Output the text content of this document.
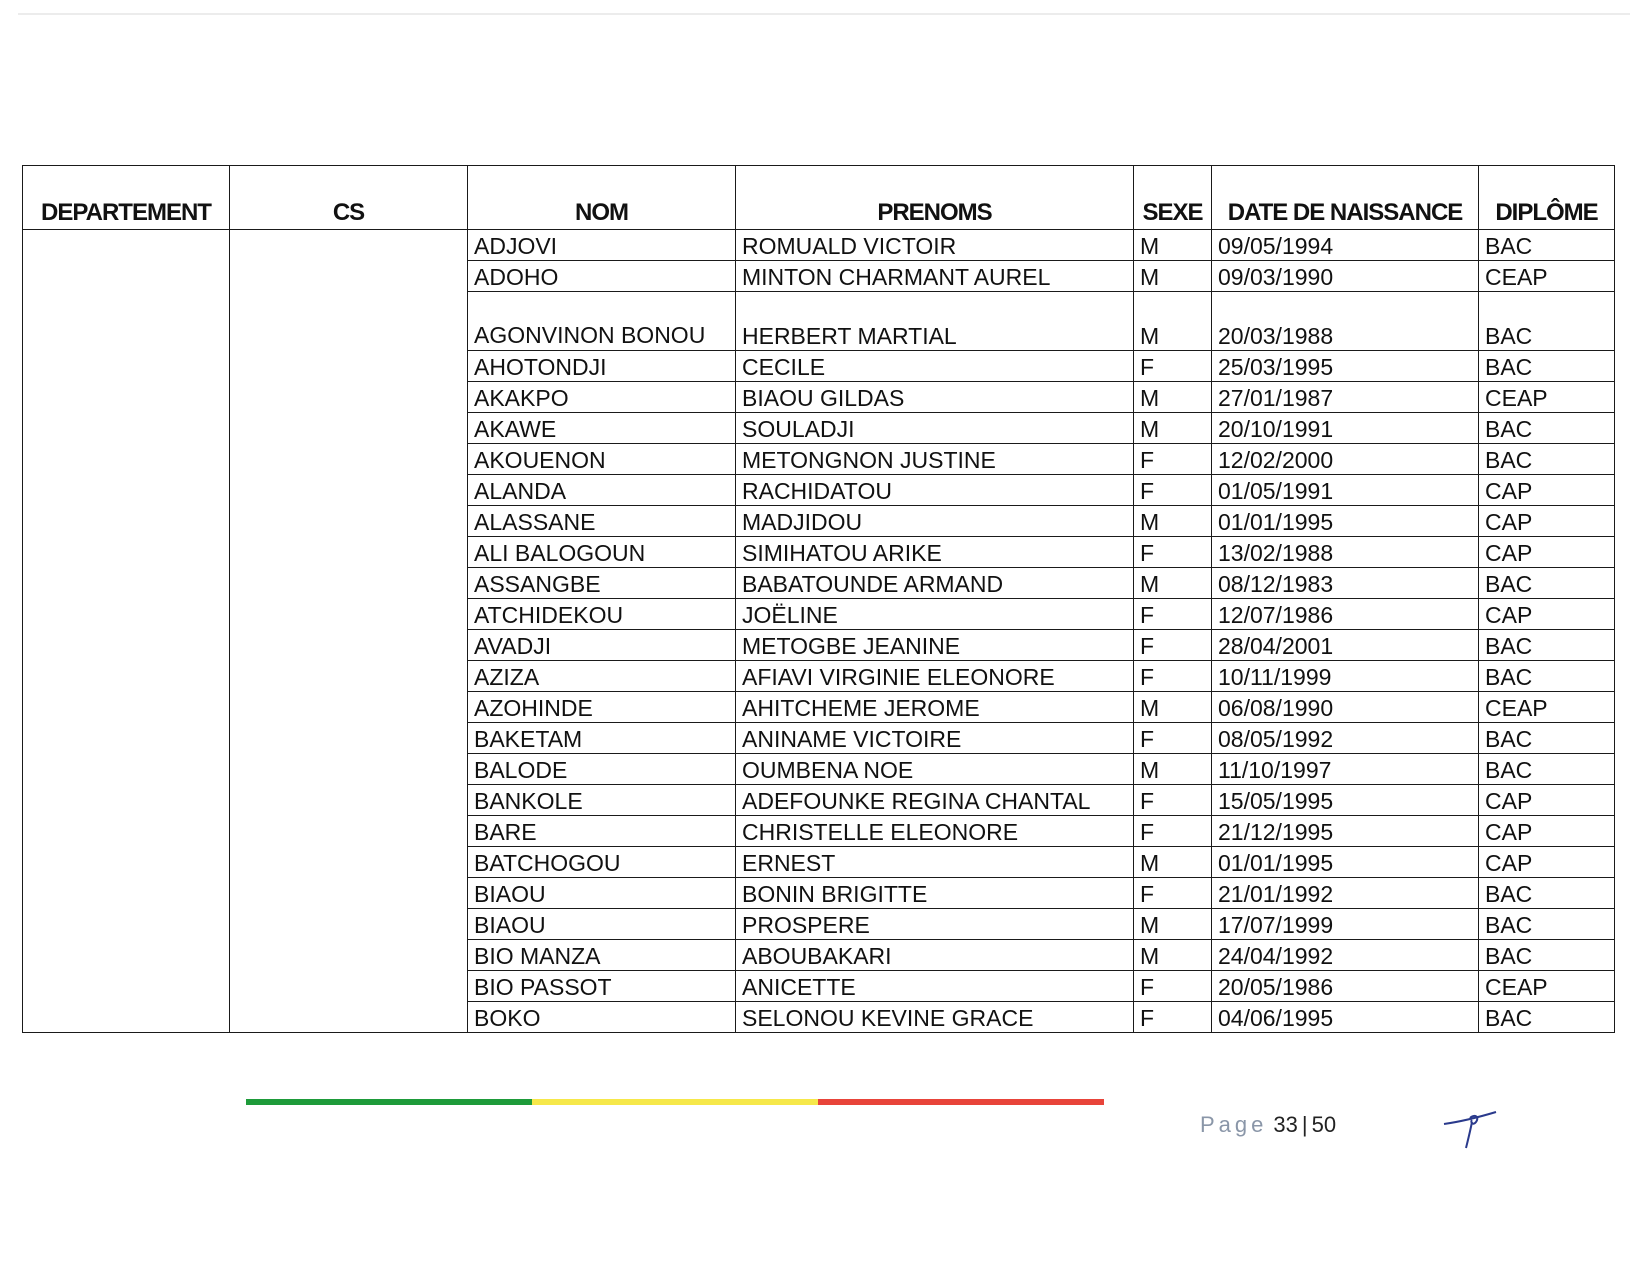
DEPARTEMENT	CS	NOM	PRENOMS	SEXE	DATE DE NAISSANCE	DIPLÔME
		ADJOVI	ROMUALD VICTOIR	M	09/05/1994	BAC
		ADOHO	MINTON CHARMANT AUREL	M	09/03/1990	CEAP
		AGONVINON BONOU	HERBERT MARTIAL	M	20/03/1988	BAC
		AHOTONDJI	CECILE	F	25/03/1995	BAC
		AKAKPO	BIAOU GILDAS	M	27/01/1987	CEAP
		AKAWE	SOULADJI	M	20/10/1991	BAC
		AKOUENON	METONGNON JUSTINE	F	12/02/2000	BAC
		ALANDA	RACHIDATOU	F	01/05/1991	CAP
		ALASSANE	MADJIDOU	M	01/01/1995	CAP
		ALI BALOGOUN	SIMIHATOU ARIKE	F	13/02/1988	CAP
		ASSANGBE	BABATOUNDE ARMAND	M	08/12/1983	BAC
		ATCHIDEKOU	JOËLINE	F	12/07/1986	CAP
		AVADJI	METOGBE JEANINE	F	28/04/2001	BAC
		AZIZA	AFIAVI VIRGINIE ELEONORE	F	10/11/1999	BAC
		AZOHINDE	AHITCHEME JEROME	M	06/08/1990	CEAP
		BAKETAM	ANINAME VICTOIRE	F	08/05/1992	BAC
		BALODE	OUMBENA NOE	M	11/10/1997	BAC
		BANKOLE	ADEFOUNKE REGINA CHANTAL	F	15/05/1995	CAP
		BARE	CHRISTELLE ELEONORE	F	21/12/1995	CAP
		BATCHOGOU	ERNEST	M	01/01/1995	CAP
		BIAOU	BONIN BRIGITTE	F	21/01/1992	BAC
		BIAOU	PROSPERE	M	17/07/1999	BAC
		BIO MANZA	ABOUBAKARI	M	24/04/1992	BAC
		BIO PASSOT	ANICETTE	F	20/05/1986	CEAP
		BOKO	SELONOU KEVINE GRACE	F	04/06/1995	BAC
Page 33 | 50
